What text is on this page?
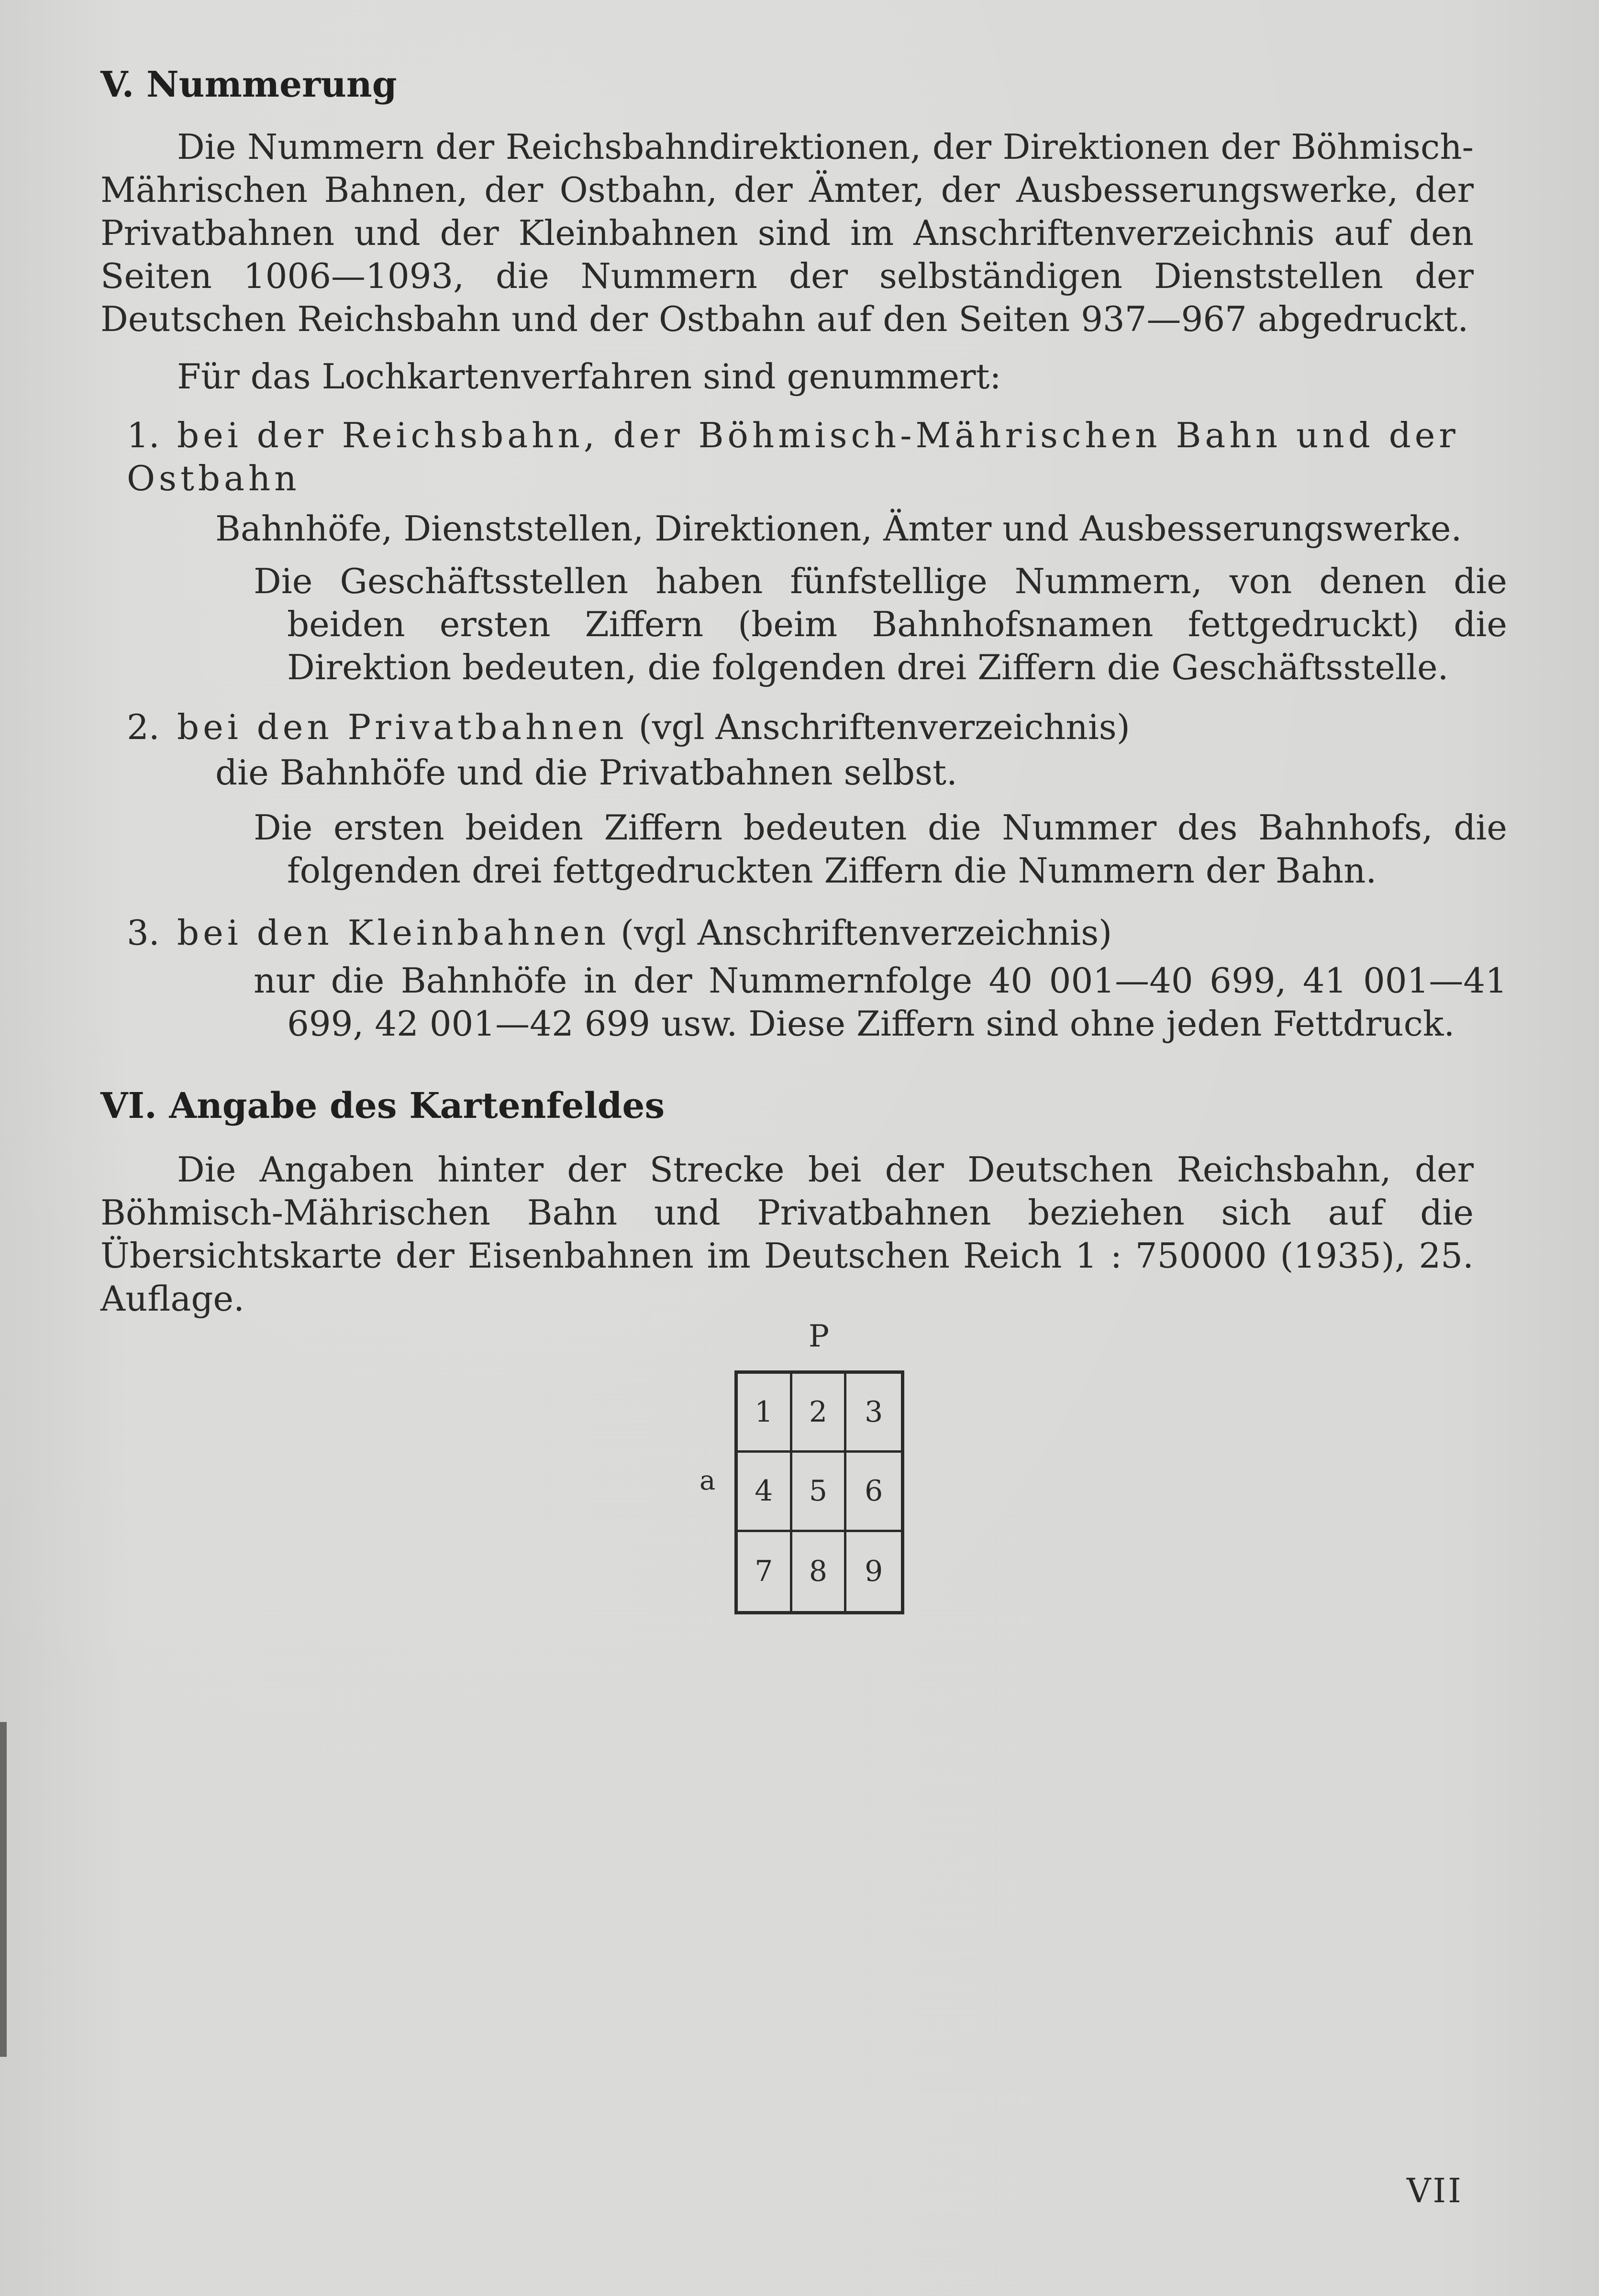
V. Nummerung

Die Nummern der Reichsbahndirektionen, der Direktionen der Böhmisch-Mährischen Bahnen, der Ostbahn, der Ämter, der Ausbesserungswerke, der Privatbahnen und der Kleinbahnen sind im Anschriftenverzeichnis auf den Seiten 1006—1093, die Nummern der selbständigen Dienststellen der Deutschen Reichsbahn und der Ostbahn auf den Seiten 937—967 abgedruckt.

Für das Lochkartenverfahren sind genummert:

1. bei der Reichsbahn, der Böhmisch-Mährischen Bahn und der Ostbahn

Bahnhöfe, Dienststellen, Direktionen, Ämter und Ausbesserungswerke.

Die Geschäftsstellen haben fünfstellige Nummern, von denen die beiden ersten Ziffern (beim Bahnhofsnamen fettgedruckt) die Direktion bedeuten, die folgenden drei Ziffern die Geschäftsstelle.

2. bei den Privatbahnen (vgl Anschriftenverzeichnis)

die Bahnhöfe und die Privatbahnen selbst.

Die ersten beiden Ziffern bedeuten die Nummer des Bahnhofs, die folgenden drei fettgedruckten Ziffern die Nummern der Bahn.

3. bei den Kleinbahnen (vgl Anschriftenverzeichnis)

nur die Bahnhöfe in der Nummernfolge 40 001—40 699, 41 001—41 699, 42 001—42 699 usw. Diese Ziffern sind ohne jeden Fettdruck.

VI. Angabe des Kartenfeldes

Die Angaben hinter der Strecke bei der Deutschen Reichsbahn, der Böhmisch-Mährischen Bahn und Privatbahnen beziehen sich auf die Übersichtskarte der Eisenbahnen im Deutschen Reich 1 : 750000 (1935), 25. Auflage.

P
a
1	2	3
4	5	6
7	8	9
VII
